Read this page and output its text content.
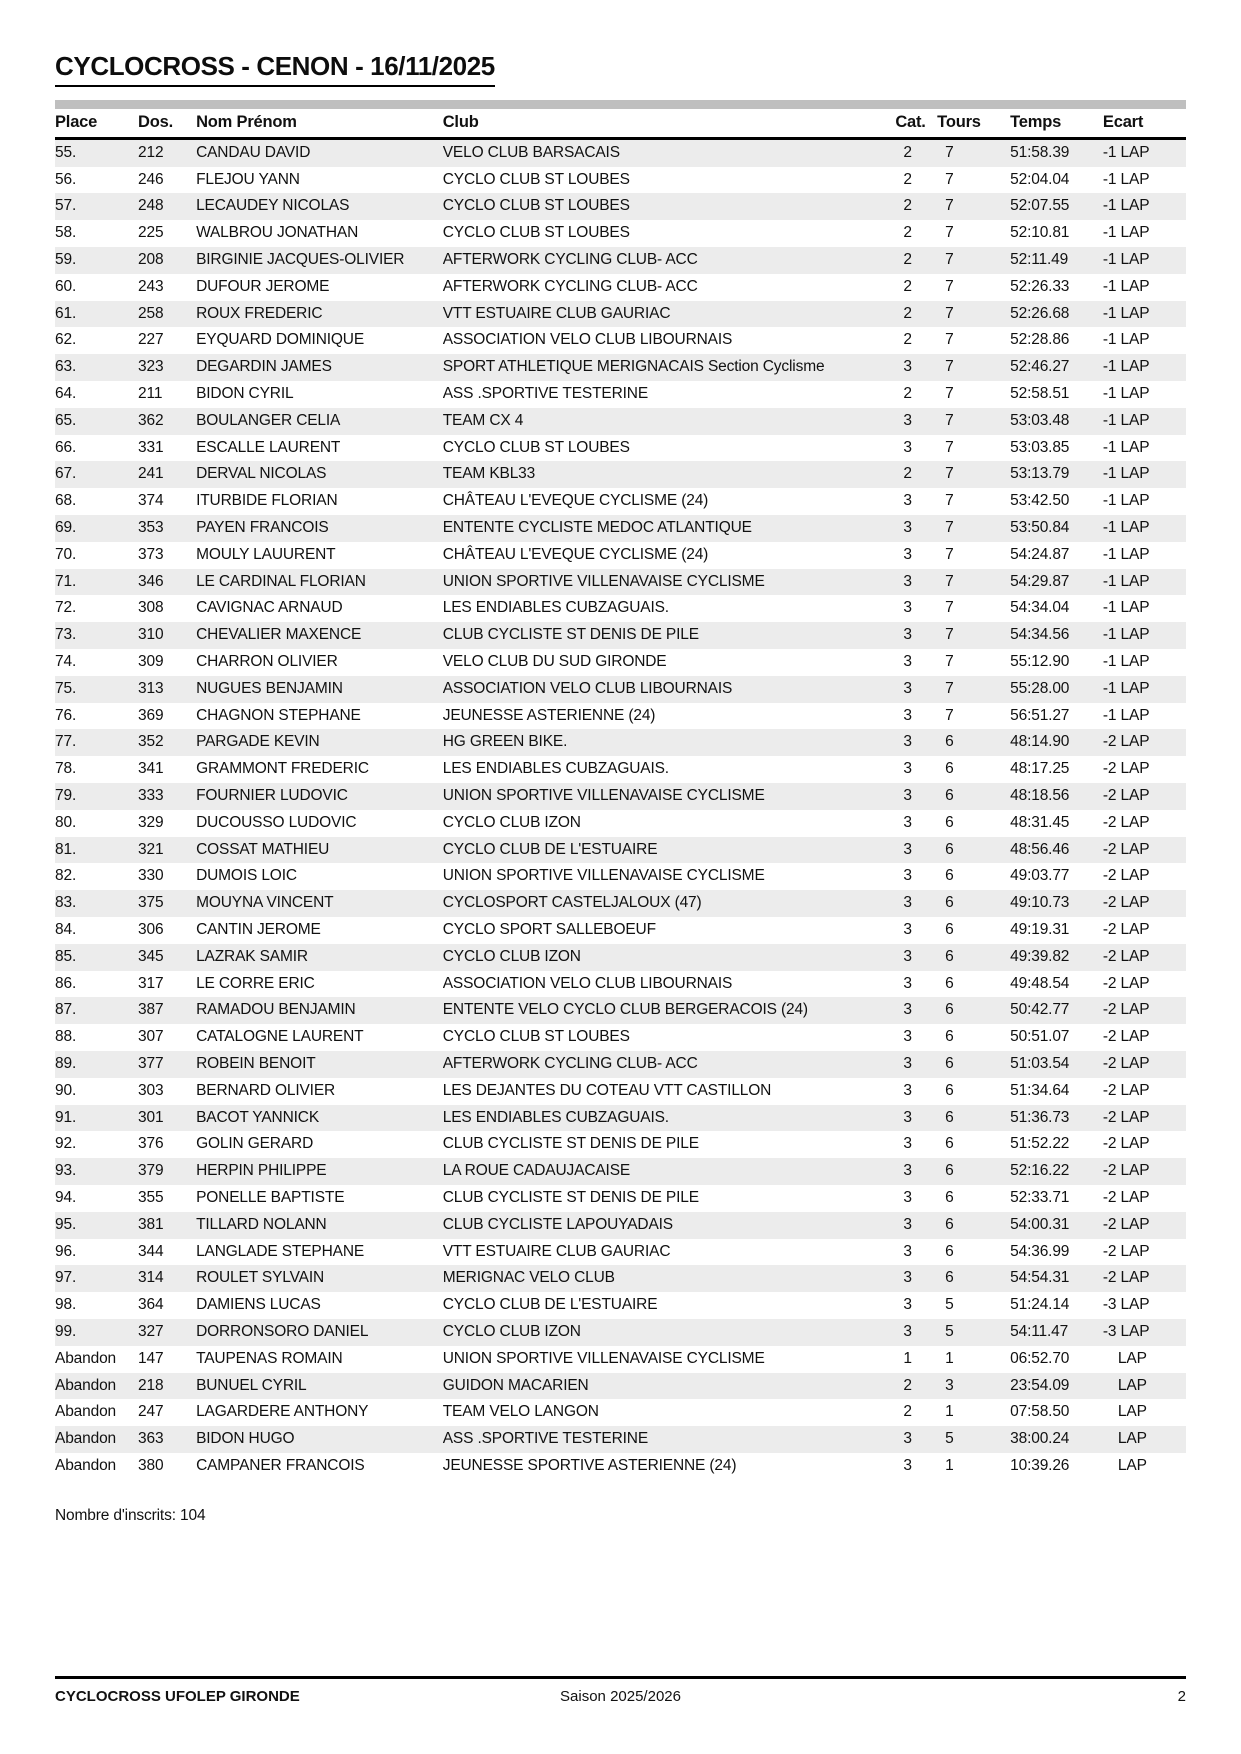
CYCLOCROSS - CENON - 16/11/2025
Place	Dos.	Nom Prénom	Club	Cat.	Tours	Temps	Ecart
55.	212	CANDAU DAVID	VELO CLUB BARSACAIS	2	7	51:58.39	-1 LAP
56.	246	FLEJOU YANN	CYCLO CLUB ST LOUBES	2	7	52:04.04	-1 LAP
57.	248	LECAUDEY NICOLAS	CYCLO CLUB ST LOUBES	2	7	52:07.55	-1 LAP
58.	225	WALBROU JONATHAN	CYCLO CLUB ST LOUBES	2	7	52:10.81	-1 LAP
59.	208	BIRGINIE JACQUES-OLIVIER	AFTERWORK CYCLING CLUB- ACC	2	7	52:11.49	-1 LAP
60.	243	DUFOUR JEROME	AFTERWORK CYCLING CLUB- ACC	2	7	52:26.33	-1 LAP
61.	258	ROUX FREDERIC	VTT ESTUAIRE CLUB GAURIAC	2	7	52:26.68	-1 LAP
62.	227	EYQUARD DOMINIQUE	ASSOCIATION VELO CLUB LIBOURNAIS	2	7	52:28.86	-1 LAP
63.	323	DEGARDIN JAMES	SPORT ATHLETIQUE MERIGNACAIS Section Cyclisme	3	7	52:46.27	-1 LAP
64.	211	BIDON CYRIL	ASS .SPORTIVE TESTERINE	2	7	52:58.51	-1 LAP
65.	362	BOULANGER CELIA	TEAM CX 4	3	7	53:03.48	-1 LAP
66.	331	ESCALLE LAURENT	CYCLO CLUB ST LOUBES	3	7	53:03.85	-1 LAP
67.	241	DERVAL NICOLAS	TEAM KBL33	2	7	53:13.79	-1 LAP
68.	374	ITURBIDE FLORIAN	CHÂTEAU L'EVEQUE CYCLISME (24)	3	7	53:42.50	-1 LAP
69.	353	PAYEN FRANCOIS	ENTENTE CYCLISTE MEDOC ATLANTIQUE	3	7	53:50.84	-1 LAP
70.	373	MOULY LAUURENT	CHÂTEAU L'EVEQUE CYCLISME (24)	3	7	54:24.87	-1 LAP
71.	346	LE CARDINAL FLORIAN	UNION SPORTIVE VILLENAVAISE CYCLISME	3	7	54:29.87	-1 LAP
72.	308	CAVIGNAC ARNAUD	LES ENDIABLES CUBZAGUAIS.	3	7	54:34.04	-1 LAP
73.	310	CHEVALIER MAXENCE	CLUB CYCLISTE ST DENIS DE PILE	3	7	54:34.56	-1 LAP
74.	309	CHARRON OLIVIER	VELO CLUB DU SUD GIRONDE	3	7	55:12.90	-1 LAP
75.	313	NUGUES BENJAMIN	ASSOCIATION VELO CLUB LIBOURNAIS	3	7	55:28.00	-1 LAP
76.	369	CHAGNON STEPHANE	JEUNESSE ASTERIENNE (24)	3	7	56:51.27	-1 LAP
77.	352	PARGADE KEVIN	HG GREEN BIKE.	3	6	48:14.90	-2 LAP
78.	341	GRAMMONT FREDERIC	LES ENDIABLES CUBZAGUAIS.	3	6	48:17.25	-2 LAP
79.	333	FOURNIER LUDOVIC	UNION SPORTIVE VILLENAVAISE CYCLISME	3	6	48:18.56	-2 LAP
80.	329	DUCOUSSO LUDOVIC	CYCLO CLUB IZON	3	6	48:31.45	-2 LAP
81.	321	COSSAT MATHIEU	CYCLO CLUB DE L'ESTUAIRE	3	6	48:56.46	-2 LAP
82.	330	DUMOIS LOIC	UNION SPORTIVE VILLENAVAISE CYCLISME	3	6	49:03.77	-2 LAP
83.	375	MOUYNA VINCENT	CYCLOSPORT CASTELJALOUX (47)	3	6	49:10.73	-2 LAP
84.	306	CANTIN JEROME	CYCLO SPORT SALLEBOEUF	3	6	49:19.31	-2 LAP
85.	345	LAZRAK SAMIR	CYCLO CLUB IZON	3	6	49:39.82	-2 LAP
86.	317	LE CORRE ERIC	ASSOCIATION VELO CLUB LIBOURNAIS	3	6	49:48.54	-2 LAP
87.	387	RAMADOU BENJAMIN	ENTENTE VELO CYCLO CLUB BERGERACOIS (24)	3	6	50:42.77	-2 LAP
88.	307	CATALOGNE LAURENT	CYCLO CLUB ST LOUBES	3	6	50:51.07	-2 LAP
89.	377	ROBEIN BENOIT	AFTERWORK CYCLING CLUB- ACC	3	6	51:03.54	-2 LAP
90.	303	BERNARD OLIVIER	LES DEJANTES DU COTEAU VTT CASTILLON	3	6	51:34.64	-2 LAP
91.	301	BACOT YANNICK	LES ENDIABLES CUBZAGUAIS.	3	6	51:36.73	-2 LAP
92.	376	GOLIN GERARD	CLUB CYCLISTE ST DENIS DE PILE	3	6	51:52.22	-2 LAP
93.	379	HERPIN PHILIPPE	LA ROUE CADAUJACAISE	3	6	52:16.22	-2 LAP
94.	355	PONELLE BAPTISTE	CLUB CYCLISTE ST DENIS DE PILE	3	6	52:33.71	-2 LAP
95.	381	TILLARD NOLANN	CLUB CYCLISTE LAPOUYADAIS	3	6	54:00.31	-2 LAP
96.	344	LANGLADE STEPHANE	VTT ESTUAIRE CLUB GAURIAC	3	6	54:36.99	-2 LAP
97.	314	ROULET SYLVAIN	MERIGNAC VELO CLUB	3	6	54:54.31	-2 LAP
98.	364	DAMIENS LUCAS	CYCLO CLUB DE L'ESTUAIRE	3	5	51:24.14	-3 LAP
99.	327	DORRONSORO DANIEL	CYCLO CLUB IZON	3	5	54:11.47	-3 LAP
Abandon	147	TAUPENAS ROMAIN	UNION SPORTIVE VILLENAVAISE CYCLISME	1	1	06:52.70	LAP
Abandon	218	BUNUEL CYRIL	GUIDON MACARIEN	2	3	23:54.09	LAP
Abandon	247	LAGARDERE ANTHONY	TEAM VELO LANGON	2	1	07:58.50	LAP
Abandon	363	BIDON HUGO	ASS .SPORTIVE TESTERINE	3	5	38:00.24	LAP
Abandon	380	CAMPANER FRANCOIS	JEUNESSE SPORTIVE ASTERIENNE (24)	3	1	10:39.26	LAP
Nombre d'inscrits: 104
CYCLOCROSS UFOLEP GIRONDE	Saison 2025/2026	2
